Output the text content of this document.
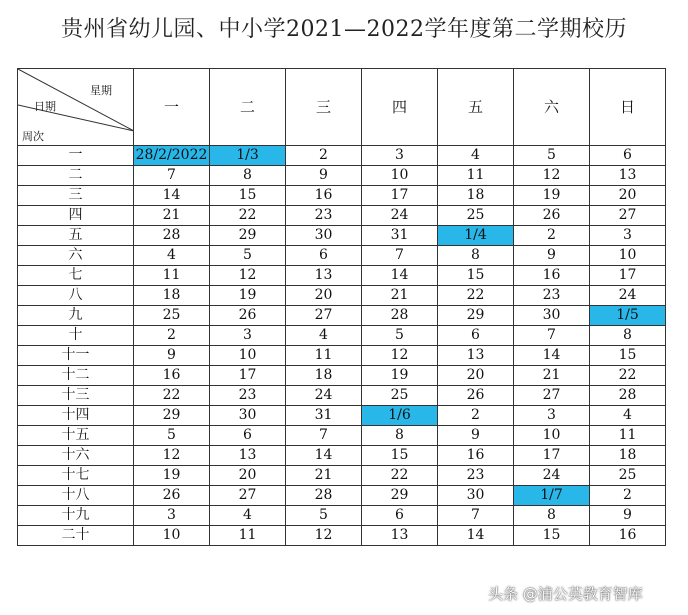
贵州省幼儿园、中小学2021—2022学年度第二学期校历
星期
日期
周次	一	二	三	四	五	六	日
一	28/2/2022	1/3	2	3	4	5	6
二	7	8	9	10	11	12	13
三	14	15	16	17	18	19	20
四	21	22	23	24	25	26	27
五	28	29	30	31	1/4	2	3
六	4	5	6	7	8	9	10
七	11	12	13	14	15	16	17
八	18	19	20	21	22	23	24
九	25	26	27	28	29	30	1/5
十	2	3	4	5	6	7	8
十一	9	10	11	12	13	14	15
十二	16	17	18	19	20	21	22
十三	22	23	24	25	26	27	28
十四	29	30	31	1/6	2	3	4
十五	5	6	7	8	9	10	11
十六	12	13	14	15	16	17	18
十七	19	20	21	22	23	24	25
十八	26	27	28	29	30	1/7	2
十九	3	4	5	6	7	8	9
二十	10	11	12	13	14	15	16
头条 @浦公英教育智库
